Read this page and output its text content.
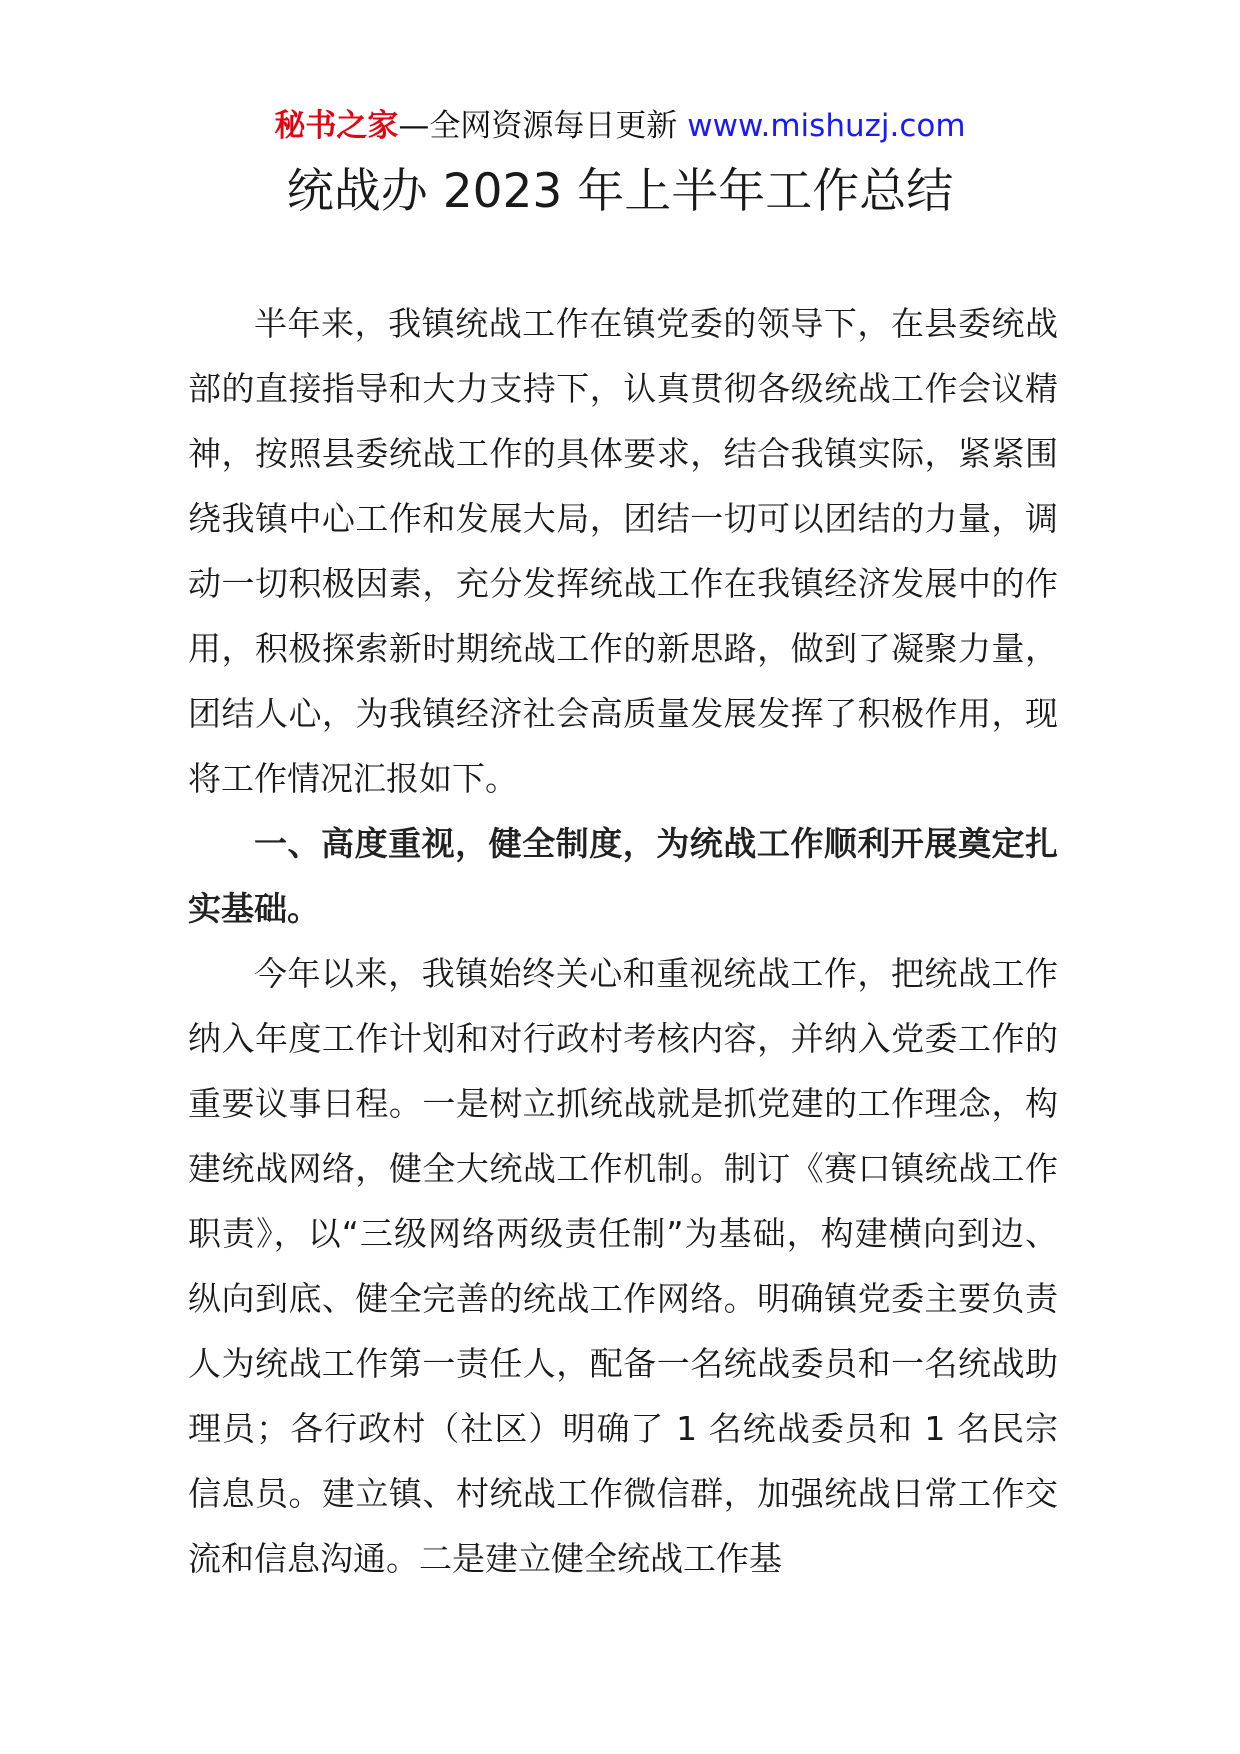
秘书之家—全网资源每日更新 www.mishuzj.com
统战办 2023 年上半年工作总结

半年来，我镇统战工作在镇党委的领导下，在县委统战部的直接指导和大力支持下，认真贯彻各级统战工作会议精神，按照县委统战工作的具体要求，结合我镇实际，紧紧围绕我镇中心工作和发展大局，团结一切可以团结的力量，调动一切积极因素，充分发挥统战工作在我镇经济发展中的作用，积极探索新时期统战工作的新思路，做到了凝聚力量，团结人心，为我镇经济社会高质量发展发挥了积极作用，现将工作情况汇报如下。

一、高度重视，健全制度，为统战工作顺利开展奠定扎实基础。

今年以来，我镇始终关心和重视统战工作，把统战工作纳入年度工作计划和对行政村考核内容，并纳入党委工作的重要议事日程。一是树立抓统战就是抓党建的工作理念，构建统战网络，健全大统战工作机制。制订《赛口镇统战工作职责》，以“三级网络两级责任制”为基础，构建横向到边、纵向到底、健全完善的统战工作网络。明确镇党委主要负责人为统战工作第一责任人，配备一名统战委员和一名统战助理员；各行政村（社区）明确了 1 名统战委员和 1 名民宗信息员。建立镇、村统战工作微信群，加强统战日常工作交流和信息沟通。二是建立健全统战工作基
